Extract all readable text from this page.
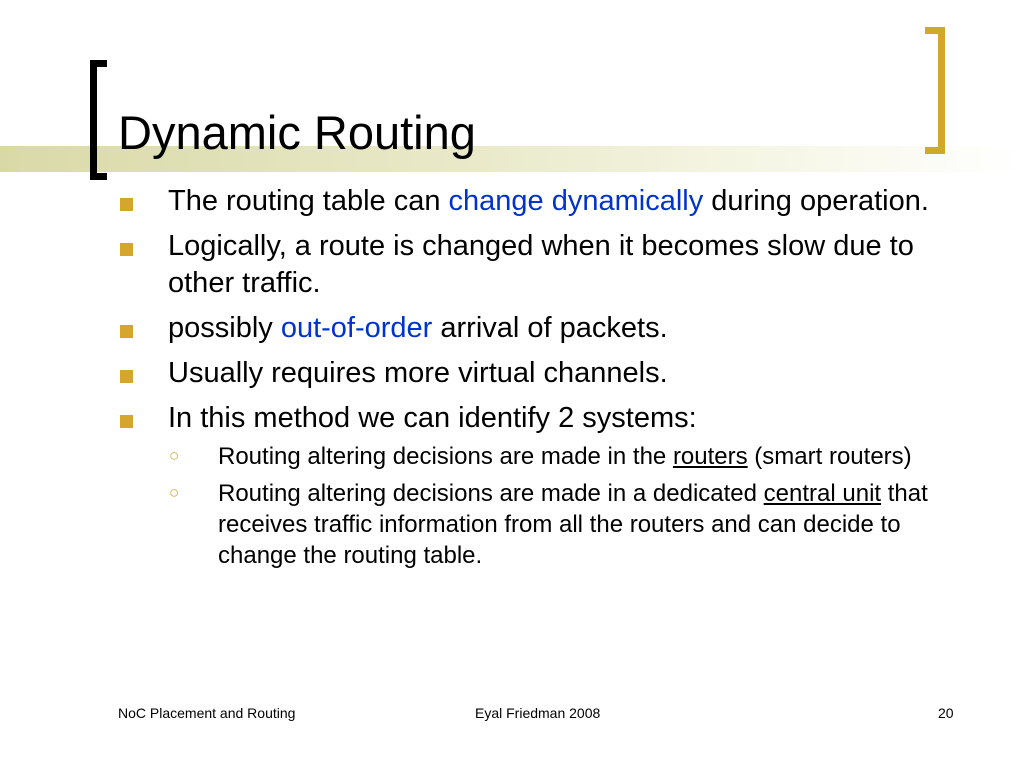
Dynamic Routing
The routing table can change dynamically during operation.
Logically, a route is changed when it becomes slow due to other traffic.
possibly out-of-order arrival of packets.
Usually requires more virtual channels.
In this method we can identify 2 systems:
○ Routing altering decisions are made in the routers (smart routers)
○ Routing altering decisions are made in a dedicated central unit that receives traffic information from all the routers and can decide to change the routing table.
NoC Placement and Routing	Eyal Friedman 2008	20
